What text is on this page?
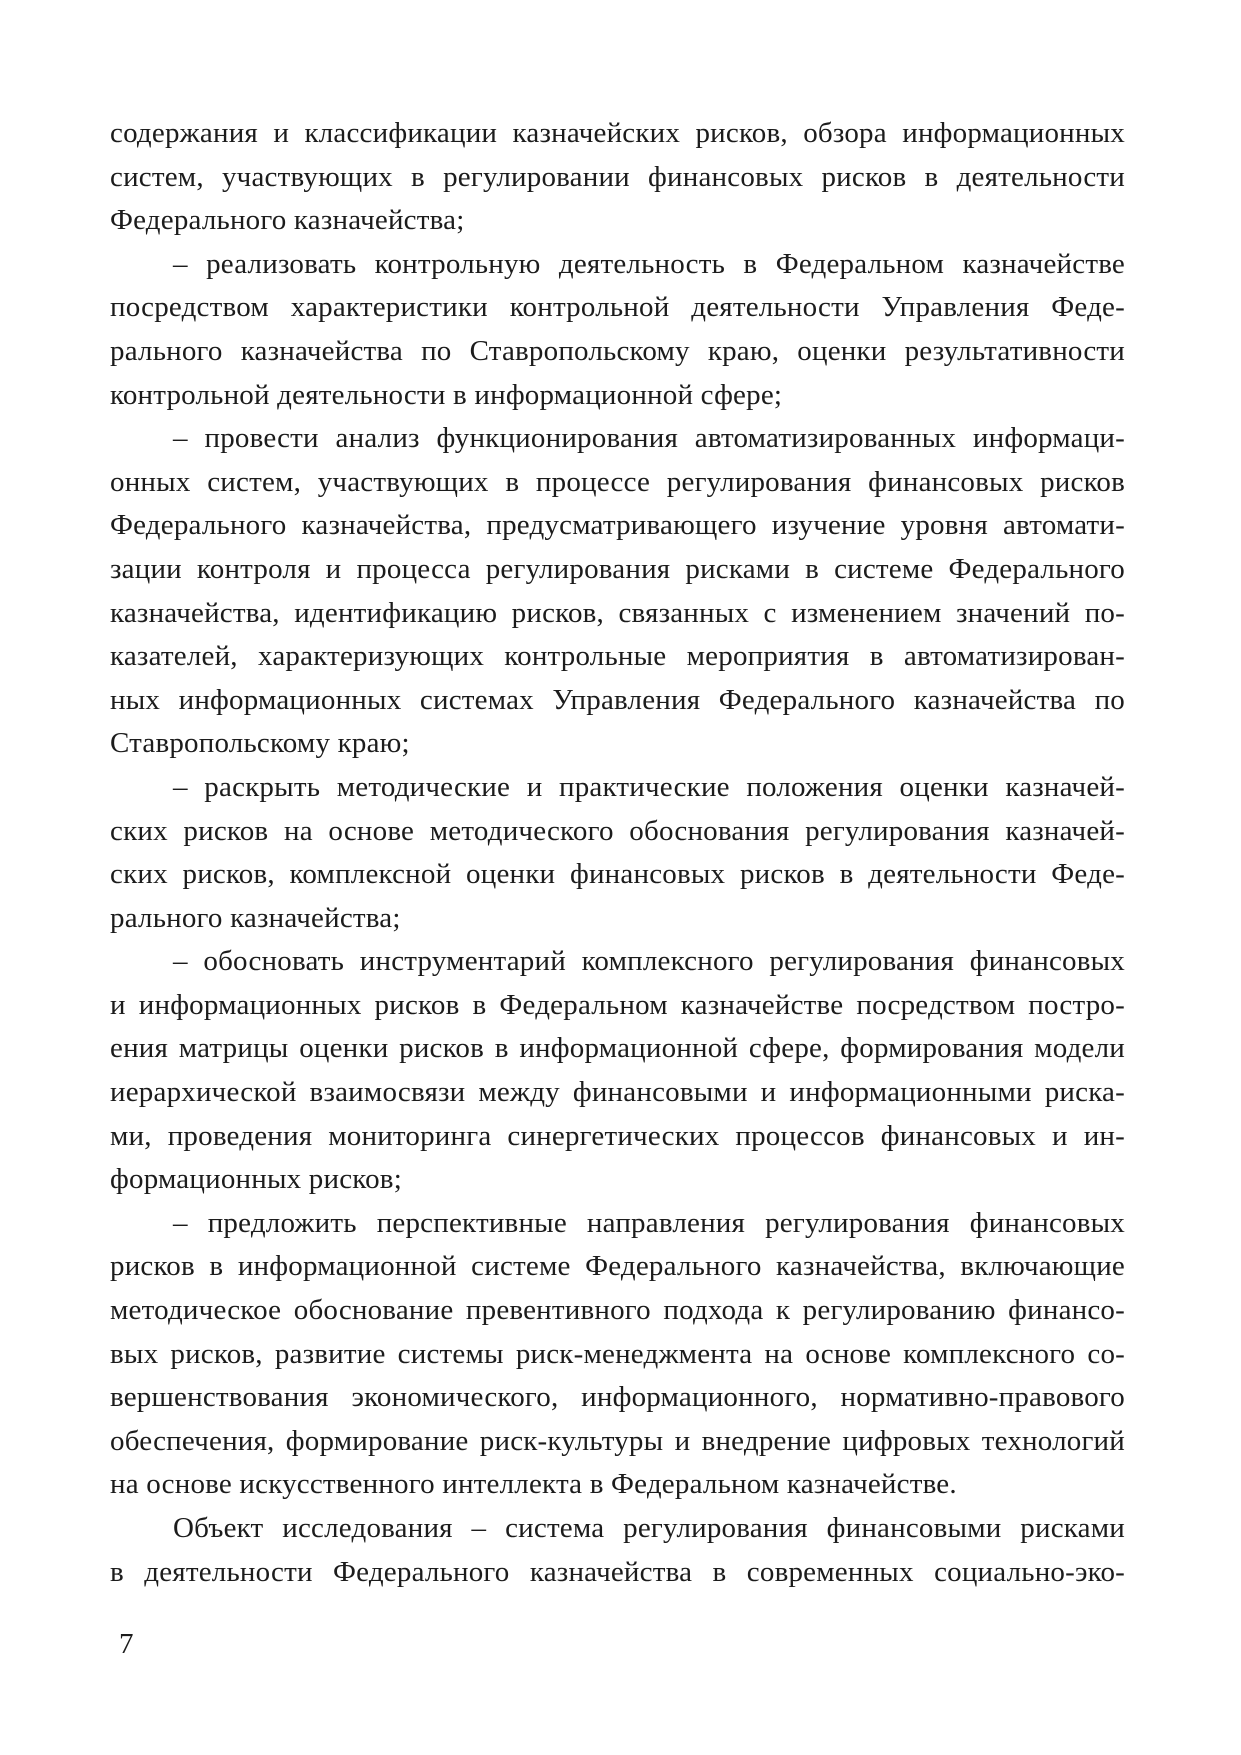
содержания и классификации казначейских рисков, обзора информационных
систем, участвующих в регулировании финансовых рисков в деятельности
Федерального казначейства;
– реализовать контрольную деятельность в Федеральном казначействе
посредством характеристики контрольной деятельности Управления Феде-
рального казначейства по Ставропольскому краю, оценки результативности
контрольной деятельности в информационной сфере;
– провести анализ функционирования автоматизированных информаци-
онных систем, участвующих в процессе регулирования финансовых рисков
Федерального казначейства, предусматривающего изучение уровня автомати-
зации контроля и процесса регулирования рисками в системе Федерального
казначейства, идентификацию рисков, связанных с изменением значений по-
казателей, характеризующих контрольные мероприятия в автоматизирован-
ных информационных системах Управления Федерального казначейства по
Ставропольскому краю;
– раскрыть методические и практические положения оценки казначей-
ских рисков на основе методического обоснования регулирования казначей-
ских рисков, комплексной оценки финансовых рисков в деятельности Феде-
рального казначейства;
– обосновать инструментарий комплексного регулирования финансовых
и информационных рисков в Федеральном казначействе посредством постро-
ения матрицы оценки рисков в информационной сфере, формирования модели
иерархической взаимосвязи между финансовыми и информационными риска-
ми, проведения мониторинга синергетических процессов финансовых и ин-
формационных рисков;
– предложить перспективные направления регулирования финансовых
рисков в информационной системе Федерального казначейства, включающие
методическое обоснование превентивного подхода к регулированию финансо-
вых рисков, развитие системы риск-менеджмента на основе комплексного со-
вершенствования экономического, информационного, нормативно-правового
обеспечения, формирование риск-культуры и внедрение цифровых технологий
на основе искусственного интеллекта в Федеральном казначействе.
Объект исследования – система регулирования финансовыми рисками
в деятельности Федерального казначейства в современных социально-эко-
7
